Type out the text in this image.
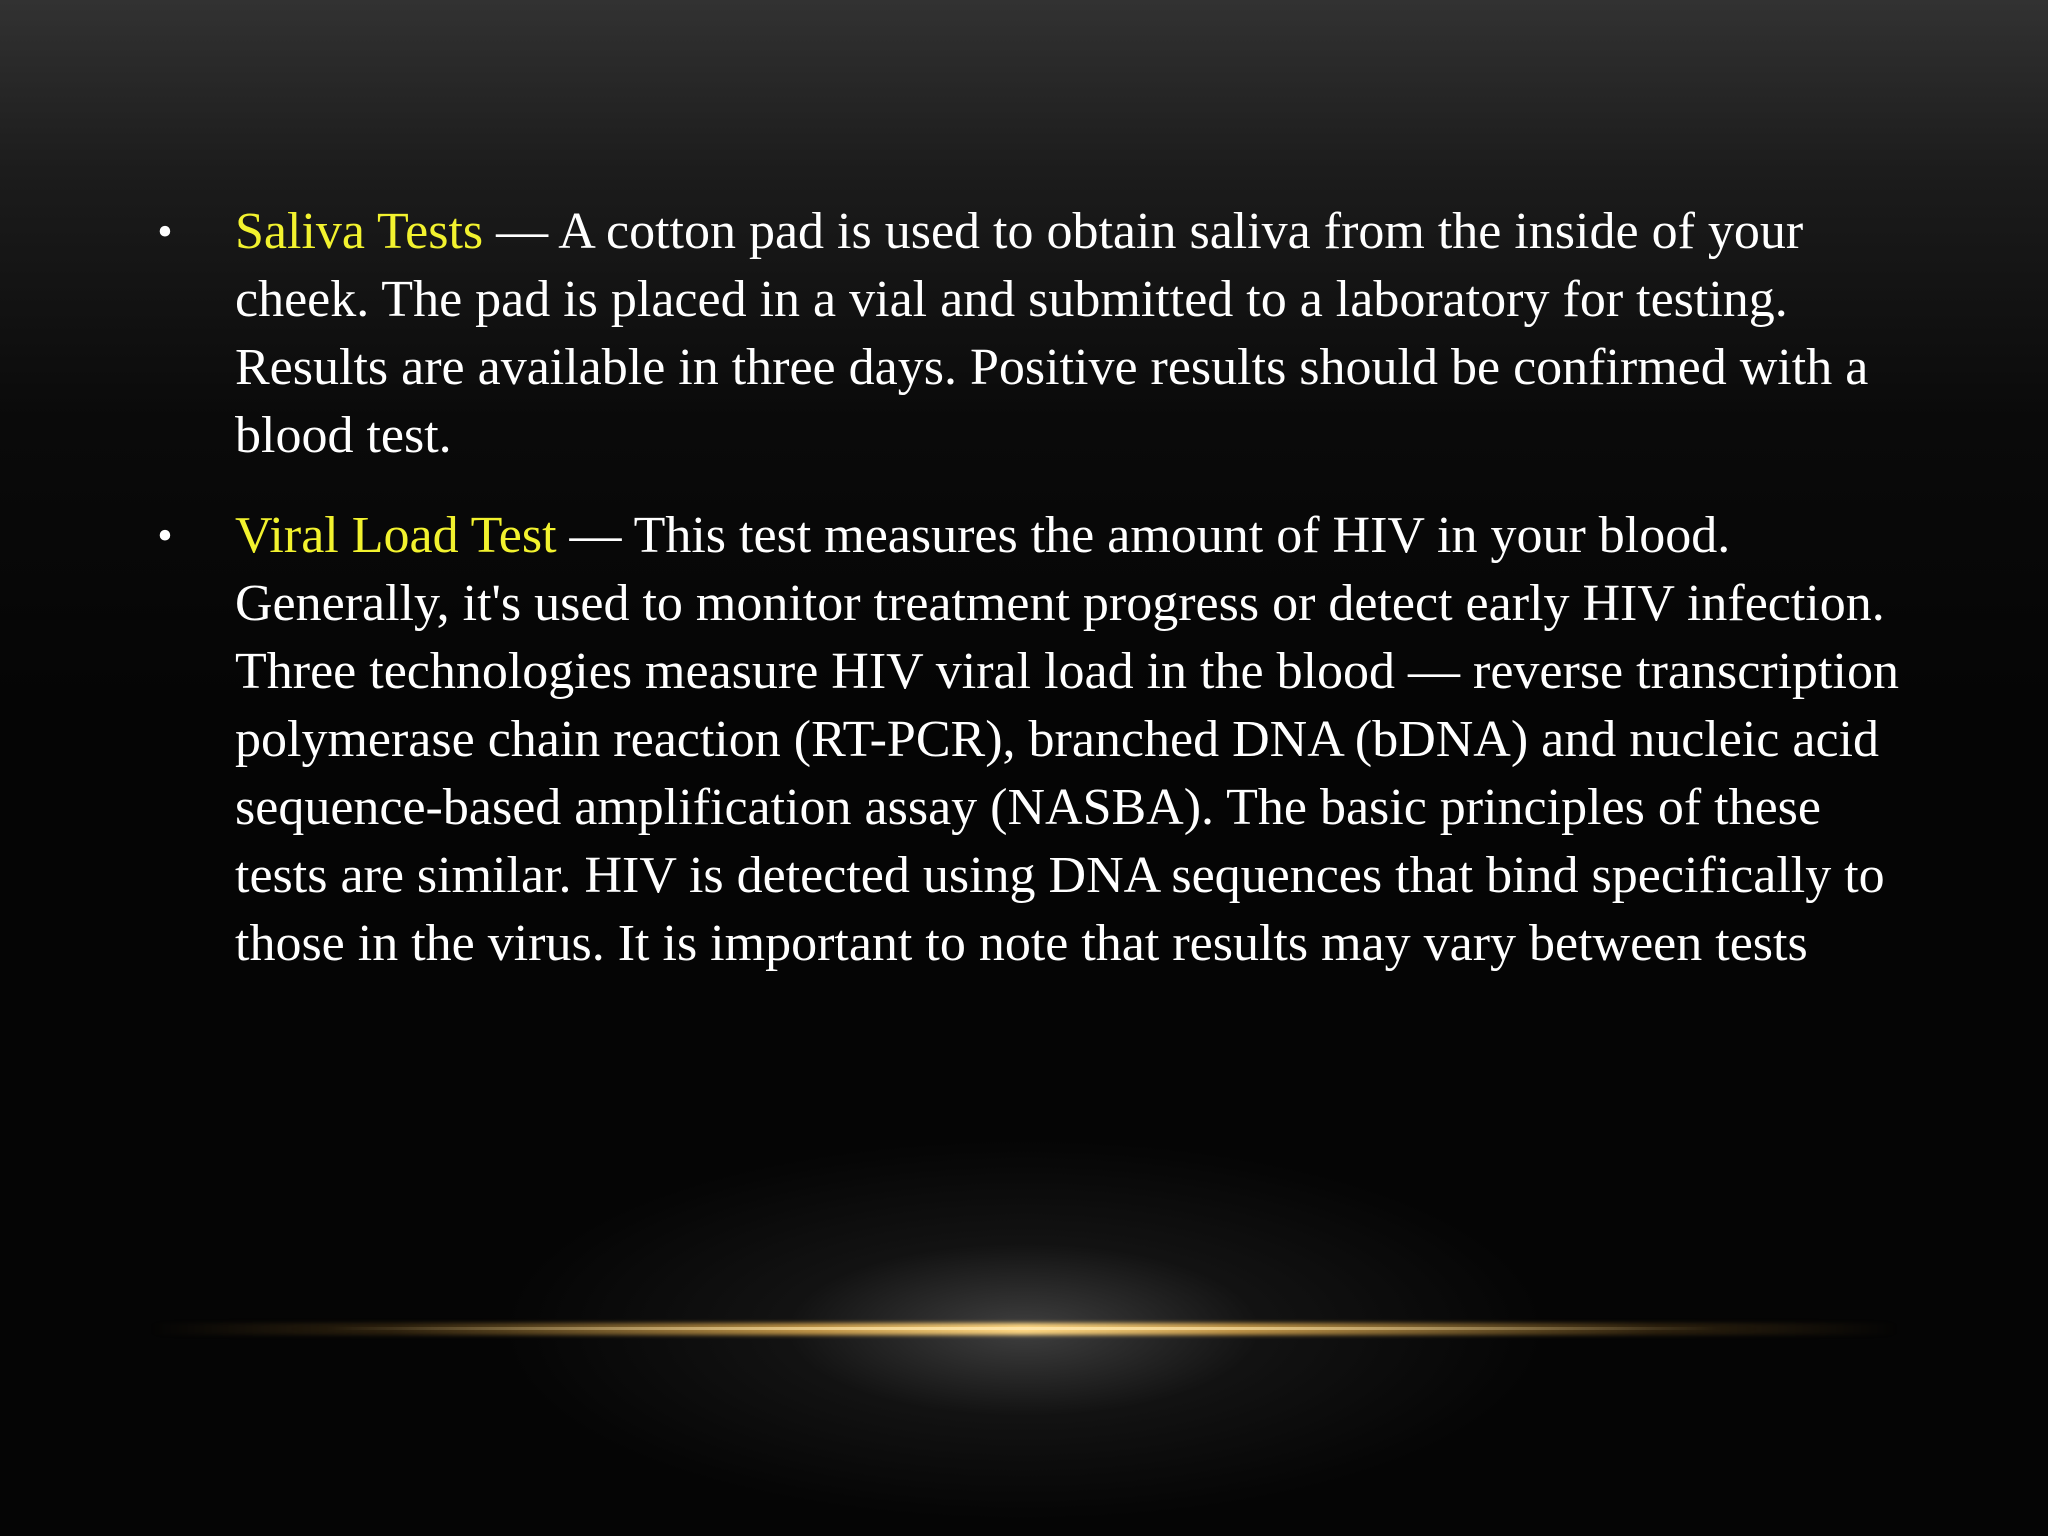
• Saliva Tests — A cotton pad is used to obtain saliva from the inside of your cheek. The pad is placed in a vial and submitted to a laboratory for testing. Results are available in three days. Positive results should be confirmed with a blood test.
• Viral Load Test — This test measures the amount of HIV in your blood. Generally, it's used to monitor treatment progress or detect early HIV infection. Three technologies measure HIV viral load in the blood — reverse transcription polymerase chain reaction (RT-PCR), branched DNA (bDNA) and nucleic acid sequence-based amplification assay (NASBA). The basic principles of these tests are similar. HIV is detected using DNA sequences that bind specifically to those in the virus. It is important to note that results may vary between tests
